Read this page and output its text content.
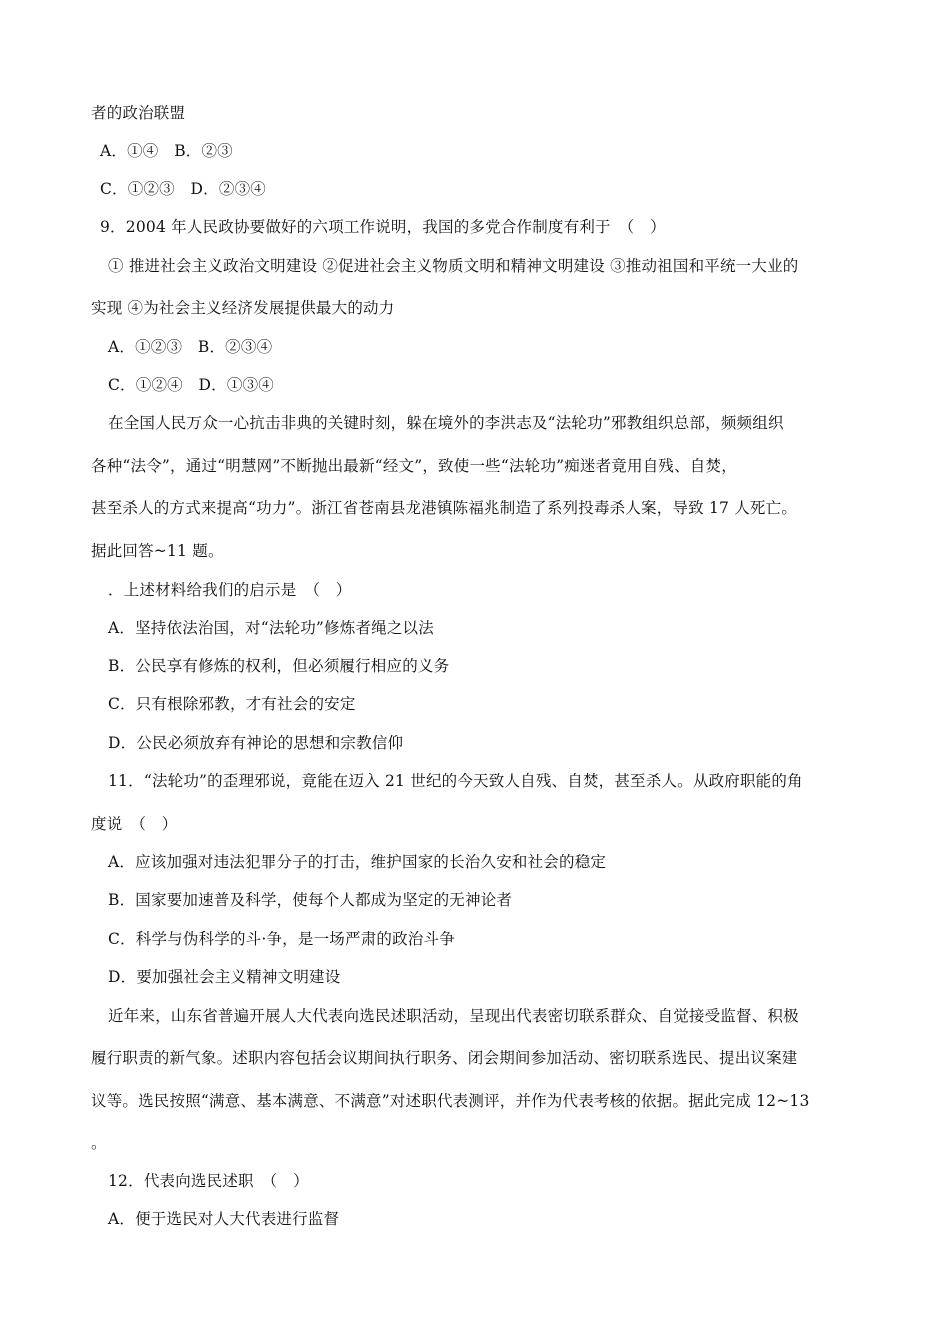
者的政治联盟
A．①④　B．②③
C．①②③　D．②③④
9．2004 年人民政协要做好的六项工作说明，我国的多党合作制度有利于　（　）
① 推进社会主义政治文明建设 ②促进社会主义物质文明和精神文明建设 ③推动祖国和平统一大业的
实现 ④为社会主义经济发展提供最大的动力
A．①②③　B．②③④
C．①②④　D．①③④
在全国人民万众一心抗击非典的关键时刻，躲在境外的李洪志及“法轮功”邪教组织总部，频频组织
各种“法令”，通过“明慧网”不断抛出最新“经文”，致使一些“法轮功”痴迷者竟用自残、自焚，
甚至杀人的方式来提高“功力”。浙江省苍南县龙港镇陈福兆制造了系列投毒杀人案，导致 17 人死亡。
据此回答~11 题。
．上述材料给我们的启示是　（　）
A．坚持依法治国，对“法轮功”修炼者绳之以法
B．公民享有修炼的权利，但必须履行相应的义务
C．只有根除邪教，才有社会的安定
D．公民必须放弃有神论的思想和宗教信仰
11．“法轮功”的歪理邪说，竟能在迈入 21 世纪的今天致人自残、自焚，甚至杀人。从政府职能的角
度说　（　）
A．应该加强对违法犯罪分子的打击，维护国家的长治久安和社会的稳定
B．国家要加速普及科学，使每个人都成为坚定的无神论者
C．科学与伪科学的斗·争，是一场严肃的政治斗争
D．要加强社会主义精神文明建设
近年来，山东省普遍开展人大代表向选民述职活动，呈现出代表密切联系群众、自觉接受监督、积极
履行职责的新气象。述职内容包括会议期间执行职务、闭会期间参加活动、密切联系选民、提出议案建
议等。选民按照“满意、基本满意、不满意”对述职代表测评，并作为代表考核的依据。据此完成 12~13
。
12．代表向选民述职　（　）
A．便于选民对人大代表进行监督
